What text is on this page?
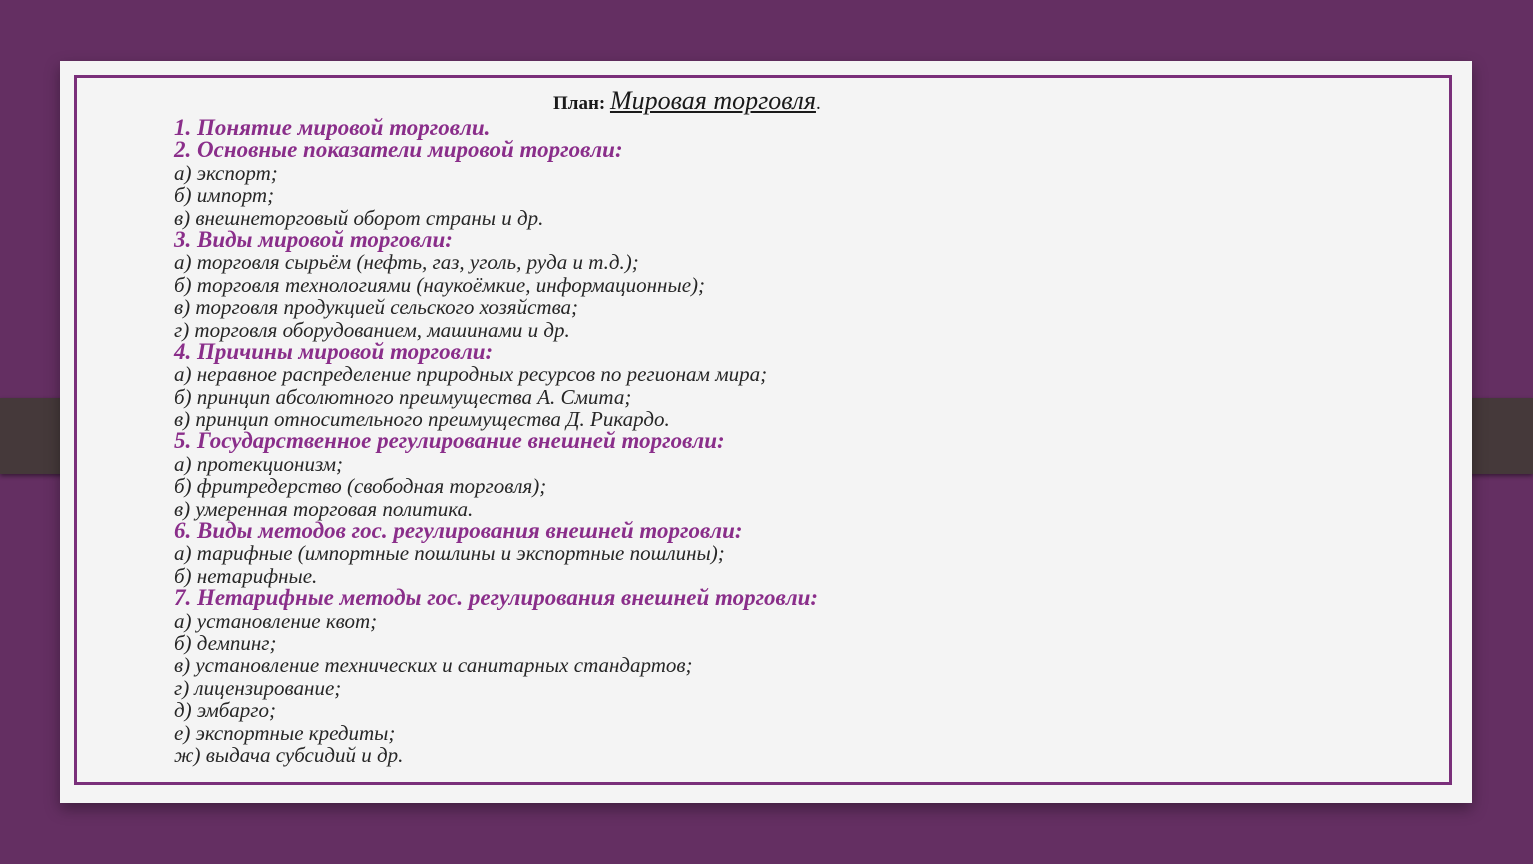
План: Мировая торговля.
1. Понятие мировой торговли.
2. Основные показатели мировой торговли:
а) экспорт;
б) импорт;
в) внешнеторговый оборот страны и др.
3. Виды мировой торговли:
а) торговля сырьём (нефть, газ, уголь, руда и т.д.);
б) торговля технологиями (наукоёмкие, информационные);
в) торговля продукцией сельского хозяйства;
г) торговля оборудованием, машинами и др.
4. Причины мировой торговли:
а) неравное распределение природных ресурсов по регионам мира;
б) принцип абсолютного преимущества А. Смита;
в) принцип относительного преимущества Д. Рикардо.
5. Государственное регулирование внешней торговли:
а) протекционизм;
б) фритредерство (свободная торговля);
в) умеренная торговая политика.
6. Виды методов гос. регулирования внешней торговли:
а) тарифные (импортные пошлины и экспортные пошлины);
б) нетарифные.
7. Нетарифные методы гос. регулирования внешней торговли:
а) установление квот;
б) демпинг;
в) установление технических и санитарных стандартов;
г) лицензирование;
д) эмбарго;
е) экспортные кредиты;
ж) выдача субсидий и др.
